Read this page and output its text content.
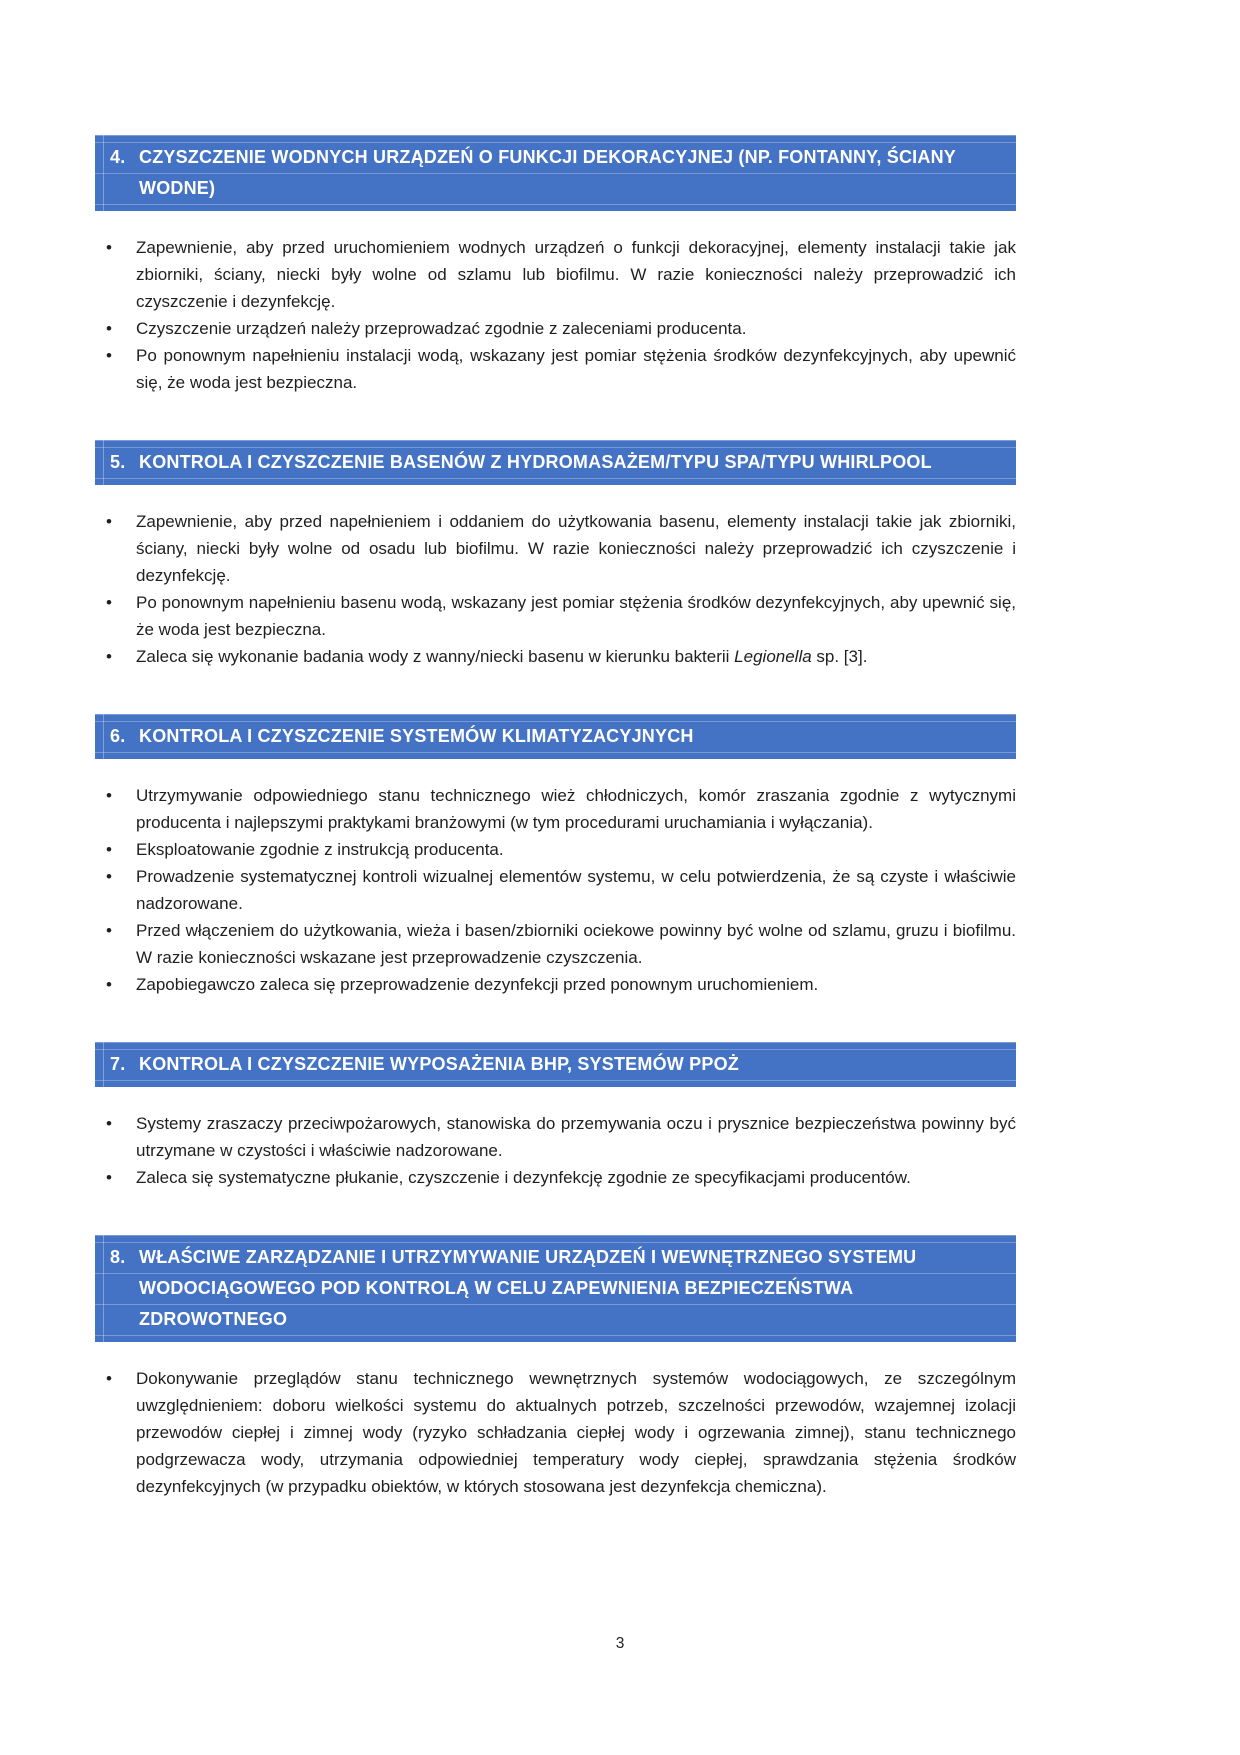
4. CZYSZCZENIE WODNYCH URZĄDZEŃ O FUNKCJI DEKORACYJNEJ (NP. FONTANNY, ŚCIANY WODNE)
• Zapewnienie, aby przed uruchomieniem wodnych urządzeń o funkcji dekoracyjnej, elementy instalacji takie jak zbiorniki, ściany, niecki były wolne od szlamu lub biofilmu. W razie konieczności należy przeprowadzić ich czyszczenie i dezynfekcję.
• Czyszczenie urządzeń należy przeprowadzać zgodnie z zaleceniami producenta.
• Po ponownym napełnieniu instalacji wodą, wskazany jest pomiar stężenia środków dezynfekcyjnych, aby upewnić się, że woda jest bezpieczna.
5. KONTROLA I CZYSZCZENIE BASENÓW Z HYDROMASAŻEM/TYPU SPA/TYPU WHIRLPOOL
• Zapewnienie, aby przed napełnieniem i oddaniem do użytkowania basenu, elementy instalacji takie jak zbiorniki, ściany, niecki były wolne od osadu lub biofilmu. W razie konieczności należy przeprowadzić ich czyszczenie i dezynfekcję.
• Po ponownym napełnieniu basenu wodą, wskazany jest pomiar stężenia środków dezynfekcyjnych, aby upewnić się, że woda jest bezpieczna.
• Zaleca się wykonanie badania wody z wanny/niecki basenu w kierunku bakterii Legionella sp. [3].
6. KONTROLA I CZYSZCZENIE SYSTEMÓW KLIMATYZACYJNYCH
• Utrzymywanie odpowiedniego stanu technicznego wież chłodniczych, komór zraszania zgodnie z wytycznymi producenta i najlepszymi praktykami branżowymi (w tym procedurami uruchamiania i wyłączania).
• Eksploatowanie zgodnie z instrukcją producenta.
• Prowadzenie systematycznej kontroli wizualnej elementów systemu, w celu potwierdzenia, że są czyste i właściwie nadzorowane.
• Przed włączeniem do użytkowania, wieża i basen/zbiorniki ociekowe powinny być wolne od szlamu, gruzu i biofilmu. W razie konieczności wskazane jest przeprowadzenie czyszczenia.
• Zapobiegawczo zaleca się przeprowadzenie dezynfekcji przed ponownym uruchomieniem.
7. KONTROLA I CZYSZCZENIE WYPOSAŻENIA BHP, SYSTEMÓW PPOŻ
• Systemy zraszaczy przeciwpożarowych, stanowiska do przemywania oczu i prysznice bezpieczeństwa powinny być utrzymane w czystości i właściwie nadzorowane.
• Zaleca się systematyczne płukanie, czyszczenie i dezynfekcję zgodnie ze specyfikacjami producentów.
8. WŁAŚCIWE ZARZĄDZANIE I UTRZYMYWANIE URZĄDZEŃ I WEWNĘTRZNEGO SYSTEMU WODOCIĄGOWEGO POD KONTROLĄ W CELU ZAPEWNIENIA BEZPIECZEŃSTWA ZDROWOTNEGO
• Dokonywanie przeglądów stanu technicznego wewnętrznych systemów wodociągowych, ze szczególnym uwzględnieniem: doboru wielkości systemu do aktualnych potrzeb, szczelności przewodów, wzajemnej izolacji przewodów ciepłej i zimnej wody (ryzyko schładzania ciepłej wody i ogrzewania zimnej), stanu technicznego podgrzewacza wody, utrzymania odpowiedniej temperatury wody ciepłej, sprawdzania stężenia środków dezynfekcyjnych (w przypadku obiektów, w których stosowana jest dezynfekcja chemiczna).
3
